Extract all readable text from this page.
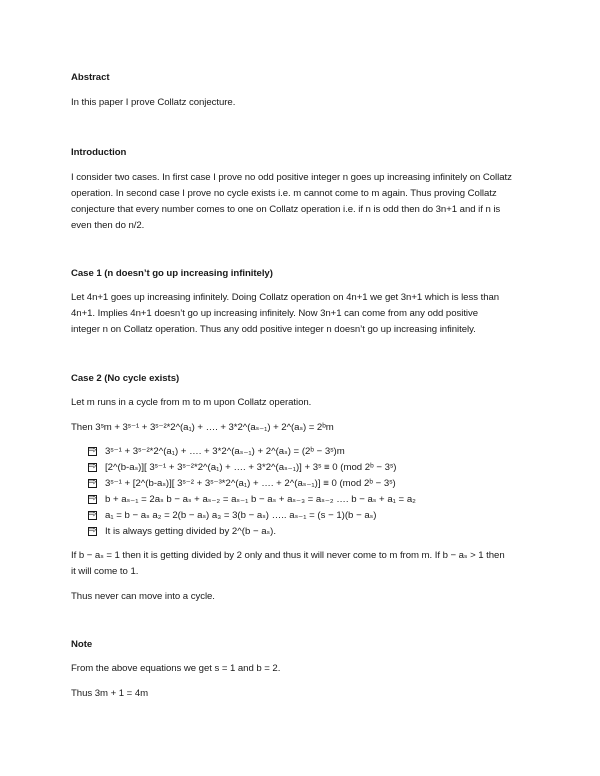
Abstract
In this paper I prove Collatz conjecture.
Introduction
I consider two cases. In first case I prove no odd positive integer n goes up increasing infinitely on Collatz
operation. In second case I prove no cycle exists i.e. m cannot come to m again. Thus proving Collatz
conjecture that every number comes to one on Collatz operation i.e. if n is odd then do 3n+1 and if n is
even then do n/2.
Case 1 (n doesn’t go up increasing infinitely)
Let 4n+1 goes up increasing infinitely. Doing Collatz operation on 4n+1 we get 3n+1 which is less than
4n+1. Implies 4n+1 doesn’t go up increasing infinitely. Now 3n+1 can come from any odd positive
integer n on Collatz operation. Thus any odd positive integer n doesn’t go up increasing infinitely.
Case 2 (No cycle exists)
Let m runs in a cycle from m to m upon Collatz operation.
Then 3ˢm + 3ˢ⁻¹ + 3ˢ⁻²*2^(a₁) + …. + 3*2^(aₛ₋₁) + 2^(aₛ) = 2ᵇm
⇨
3ˢ⁻¹ + 3ˢ⁻²*2^(a₁) + …. + 3*2^(aₛ₋₁) + 2^(aₛ) = (2ᵇ − 3ˢ)m
⇨
[2^(b-aₛ)][ 3ˢ⁻¹ + 3ˢ⁻²*2^(a₁) + …. + 3*2^(aₛ₋₁)] + 3ˢ ≡ 0 (mod 2ᵇ − 3ˢ)
⇨
3ˢ⁻¹ + [2^(b-aₛ)][ 3ˢ⁻² + 3ˢ⁻³*2^(a₁) + …. + 2^(aₛ₋₁)] ≡ 0 (mod 2ᵇ − 3ˢ)
⇨
b + aₛ₋₁ = 2aₛ b − aₛ + aₛ₋₂ = aₛ₋₁ b − aₛ + aₛ₋₃ = aₛ₋₂ …. b − aₛ + a₁ = a₂
⇨
a₁ = b − aₛ a₂ = 2(b − aₛ) a₃ = 3(b − aₛ) ….. aₛ₋₁ = (s − 1)(b − aₛ)
⇨
It is always getting divided by 2^(b − aₛ).
If b − aₛ = 1 then it is getting divided by 2 only and thus it will never come to m from m. If b − aₛ > 1 then
it will come to 1.
Thus never can move into a cycle.
Note
From the above equations we get s = 1 and b = 2.
Thus 3m + 1 = 4m
